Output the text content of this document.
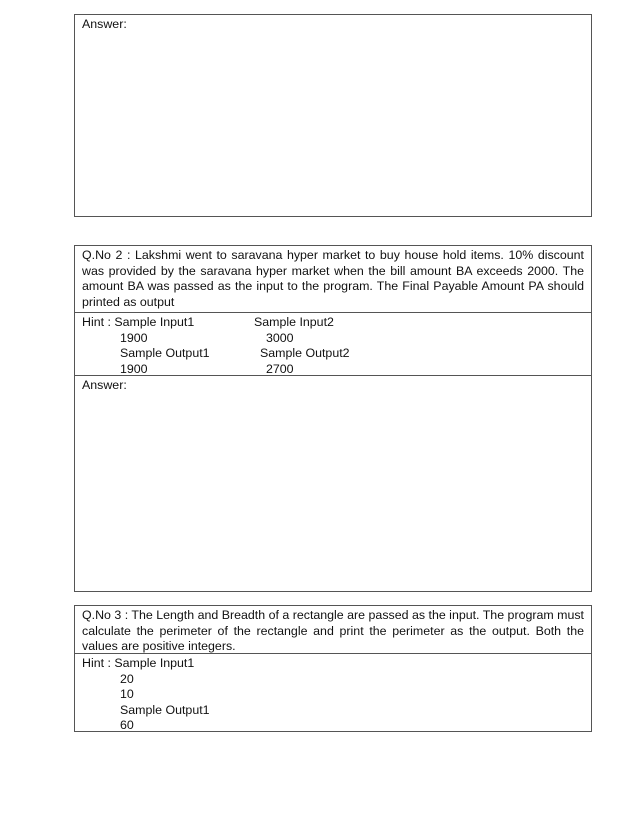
Answer:
Q.No 2 : Lakshmi went to saravana hyper market to buy house hold items. 10% discount was provided by the saravana hyper market when the bill amount BA exceeds 2000. The amount BA was passed as the input to the program. The Final Payable Amount PA should printed as output
Hint : Sample Input1	Sample Input2
1900	3000
Sample Output1	Sample Output2
1900	2700
Answer:
Q.No 3 : The Length and Breadth of a rectangle are passed as the input. The program must calculate the perimeter of the rectangle and print the perimeter as the output. Both the values are positive integers.
Hint : Sample Input1
20
10
Sample Output1
60
